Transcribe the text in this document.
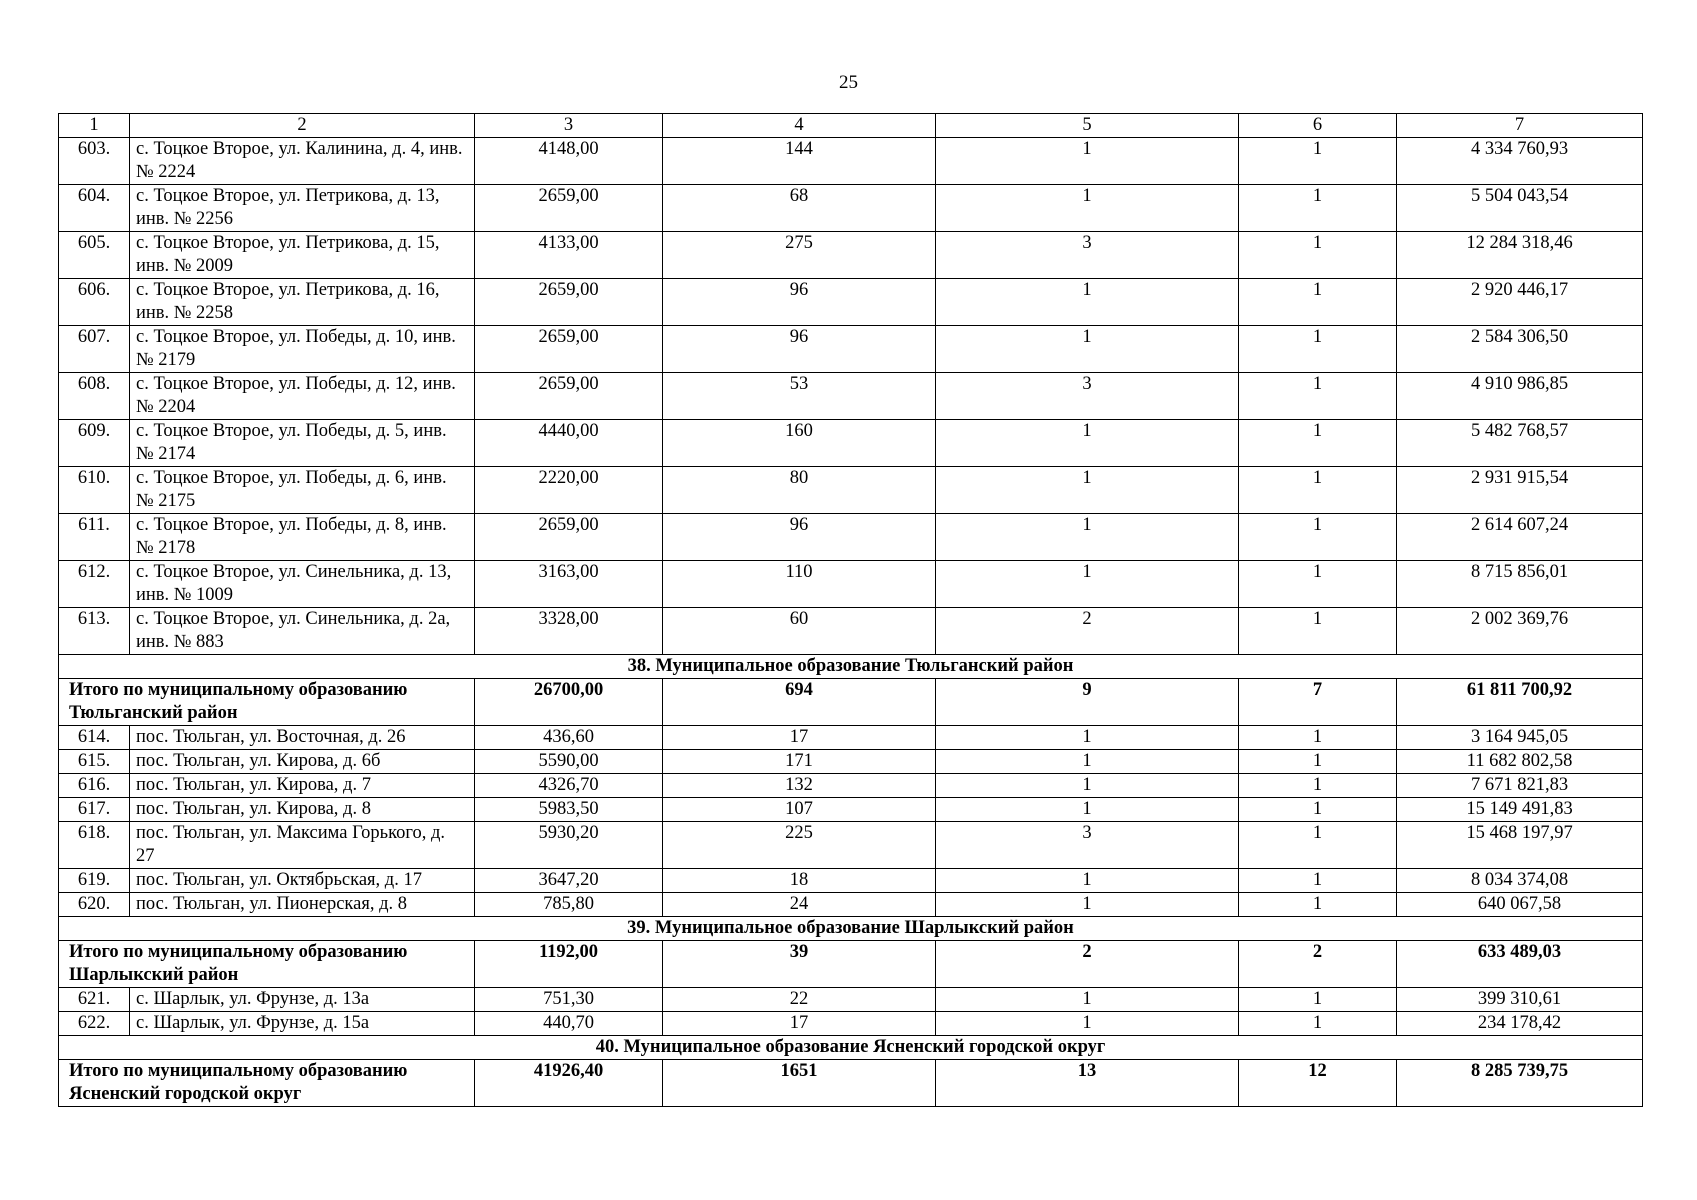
25
1	2	3	4	5	6	7
603.	с. Тоцкое Второе, ул. Калинина, д. 4, инв. № 2224	4148,00	144	1	1	4 334 760,93
604.	с. Тоцкое Второе, ул. Петрикова, д. 13, инв. № 2256	2659,00	68	1	1	5 504 043,54
605.	с. Тоцкое Второе, ул. Петрикова, д. 15, инв. № 2009	4133,00	275	3	1	12 284 318,46
606.	с. Тоцкое Второе, ул. Петрикова, д. 16, инв. № 2258	2659,00	96	1	1	2 920 446,17
607.	с. Тоцкое Второе, ул. Победы, д. 10, инв. № 2179	2659,00	96	1	1	2 584 306,50
608.	с. Тоцкое Второе, ул. Победы, д. 12, инв. № 2204	2659,00	53	3	1	4 910 986,85
609.	с. Тоцкое Второе, ул. Победы, д. 5, инв. № 2174	4440,00	160	1	1	5 482 768,57
610.	с. Тоцкое Второе, ул. Победы, д. 6, инв. № 2175	2220,00	80	1	1	2 931 915,54
611.	с. Тоцкое Второе, ул. Победы, д. 8, инв. № 2178	2659,00	96	1	1	2 614 607,24
612.	с. Тоцкое Второе, ул. Синельника, д. 13, инв. № 1009	3163,00	110	1	1	8 715 856,01
613.	с. Тоцкое Второе, ул. Синельника, д. 2а, инв. № 883	3328,00	60	2	1	2 002 369,76
38. Муниципальное образование Тюльганский район						
Итого по муниципальному образованию Тюльганский район		26700,00	694	9	7	61 811 700,92
614.	пос. Тюльган, ул. Восточная, д. 26	436,60	17	1	1	3 164 945,05
615.	пос. Тюльган, ул. Кирова, д. 6б	5590,00	171	1	1	11 682 802,58
616.	пос. Тюльган, ул. Кирова, д. 7	4326,70	132	1	1	7 671 821,83
617.	пос. Тюльган, ул. Кирова, д. 8	5983,50	107	1	1	15 149 491,83
618.	пос. Тюльган, ул. Максима Горького, д. 27	5930,20	225	3	1	15 468 197,97
619.	пос. Тюльган, ул. Октябрьская, д. 17	3647,20	18	1	1	8 034 374,08
620.	пос. Тюльган, ул. Пионерская, д. 8	785,80	24	1	1	640 067,58
39. Муниципальное образование Шарлыкский район						
Итого по муниципальному образованию Шарлыкский район		1192,00	39	2	2	633 489,03
621.	с. Шарлык, ул. Фрунзе, д. 13а	751,30	22	1	1	399 310,61
622.	с. Шарлык, ул. Фрунзе, д. 15а	440,70	17	1	1	234 178,42
40. Муниципальное образование Ясненский городской округ						
Итого по муниципальному образованию Ясненский городской округ		41926,40	1651	13	12	8 285 739,75
